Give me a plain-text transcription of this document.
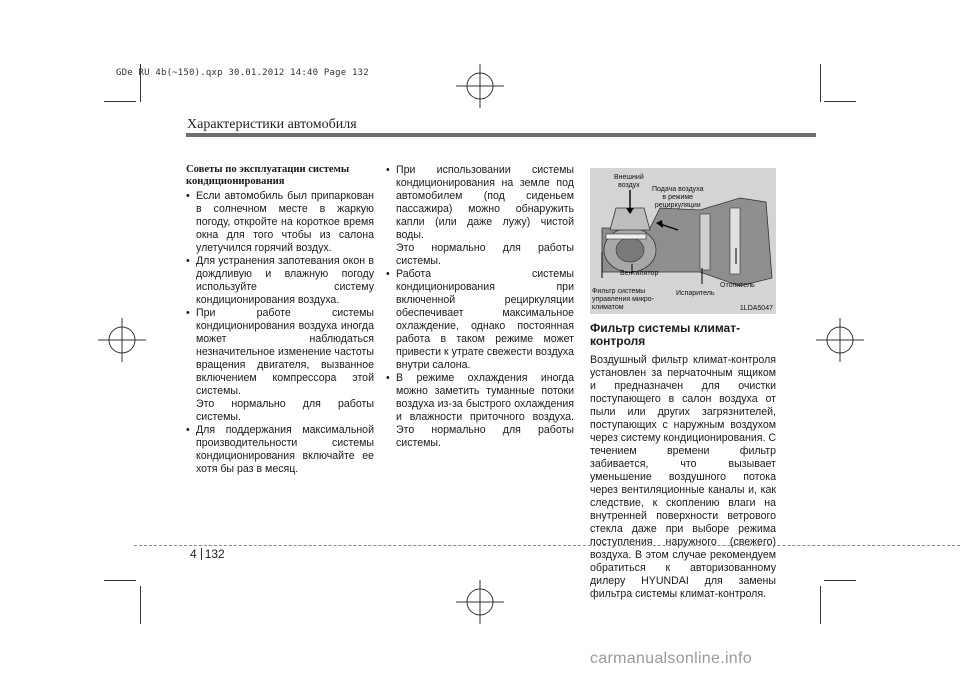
GDe RU 4b(~150).qxp 30.01.2012 14:40 Page 132
Характеристики автомобиля
Советы по эксплуатации системы кондиционирования

• Если автомобиль был припаркован в солнечном месте в жаркую погоду, откройте на короткое время окна для того чтобы из салона улетучился горячий воздух.

• Для устранения запотевания окон в дождливую и влажную погоду используйте систему кондиционирования воздуха.

• При работе системы кондиционирования воздуха иногда может наблюдаться незначительное изменение частоты вращения двигателя, вызванное включением компрессора этой системы.

Это нормально для работы системы.

• Для поддержания максимальной производительности системы кондиционирования включайте ее хотя бы раз в месяц.

• При использовании системы кондиционирования на земле под автомобилем (под сиденьем пассажира) можно обнаружить капли (или даже лужу) чистой воды.

Это нормально для работы системы.

• Работа системы кондиционирования при включенной рециркуляции обеспечивает максимальное охлаждение, однако постоянная работа в таком режиме может привести к утрате свежести воздуха внутри салона.

• В режиме охлаждения иногда можно заметить туманные потоки воздуха из-за быстрого охлаждения и влажности приточного воздуха. Это нормально для работы системы.

Внешний
воздух
Подача воздуха
в режиме
рециркуляции
Вентилятор
Фильтр системы
управления микро-
климатом
Испаритель
Отопитель
1LDA5047
Фильтр системы климат-контроля

Воздушный фильтр климат-контроля установлен за перчаточным ящиком и предназначен для очистки поступающего в салон воздуха от пыли или других загрязнителей, поступающих с наружным воздухом через систему кондиционирования. С течением времени фильтр забивается, что вызывает уменьшение воздушного потока через вентиляционные каналы и, как следствие, к скоплению влаги на внутренней поверхности ветрового стекла даже при выборе режима поступления наружного (свежего) воздуха. В этом случае рекомендуем обратиться к авторизованному дилеру HYUNDAI для замены фильтра системы климат-контроля.

4 132
carmanualsonline.info
